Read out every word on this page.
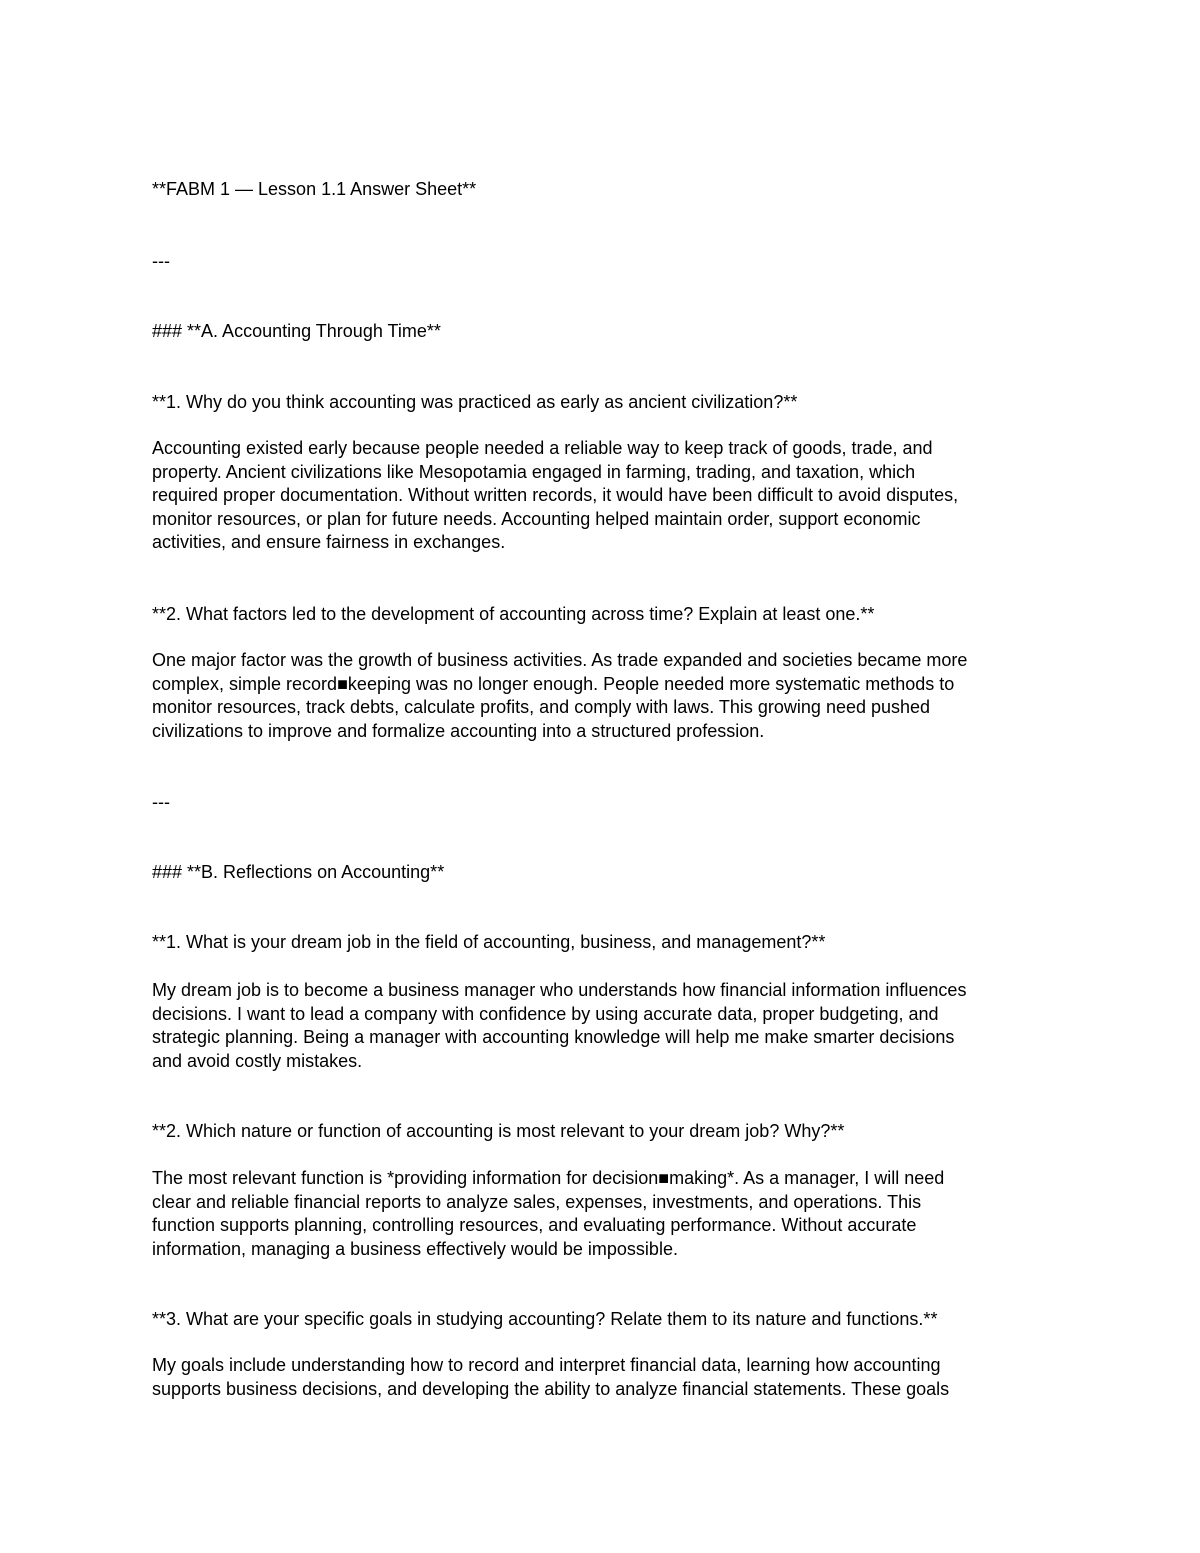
**FABM 1 — Lesson 1.1 Answer Sheet**

---

### **A. Accounting Through Time**

**1. Why do you think accounting was practiced as early as ancient civilization?**

Accounting existed early because people needed a reliable way to keep track of goods, trade, and
property. Ancient civilizations like Mesopotamia engaged in farming, trading, and taxation, which
required proper documentation. Without written records, it would have been difficult to avoid disputes,
monitor resources, or plan for future needs. Accounting helped maintain order, support economic
activities, and ensure fairness in exchanges.

**2. What factors led to the development of accounting across time? Explain at least one.**

One major factor was the growth of business activities. As trade expanded and societies became more
complex, simple record■keeping was no longer enough. People needed more systematic methods to
monitor resources, track debts, calculate profits, and comply with laws. This growing need pushed
civilizations to improve and formalize accounting into a structured profession.

---

### **B. Reflections on Accounting**

**1. What is your dream job in the field of accounting, business, and management?**

My dream job is to become a business manager who understands how financial information influences
decisions. I want to lead a company with confidence by using accurate data, proper budgeting, and
strategic planning. Being a manager with accounting knowledge will help me make smarter decisions
and avoid costly mistakes.

**2. Which nature or function of accounting is most relevant to your dream job? Why?**

The most relevant function is *providing information for decision■making*. As a manager, I will need
clear and reliable financial reports to analyze sales, expenses, investments, and operations. This
function supports planning, controlling resources, and evaluating performance. Without accurate
information, managing a business effectively would be impossible.

**3. What are your specific goals in studying accounting? Relate them to its nature and functions.**

My goals include understanding how to record and interpret financial data, learning how accounting
supports business decisions, and developing the ability to analyze financial statements. These goals
